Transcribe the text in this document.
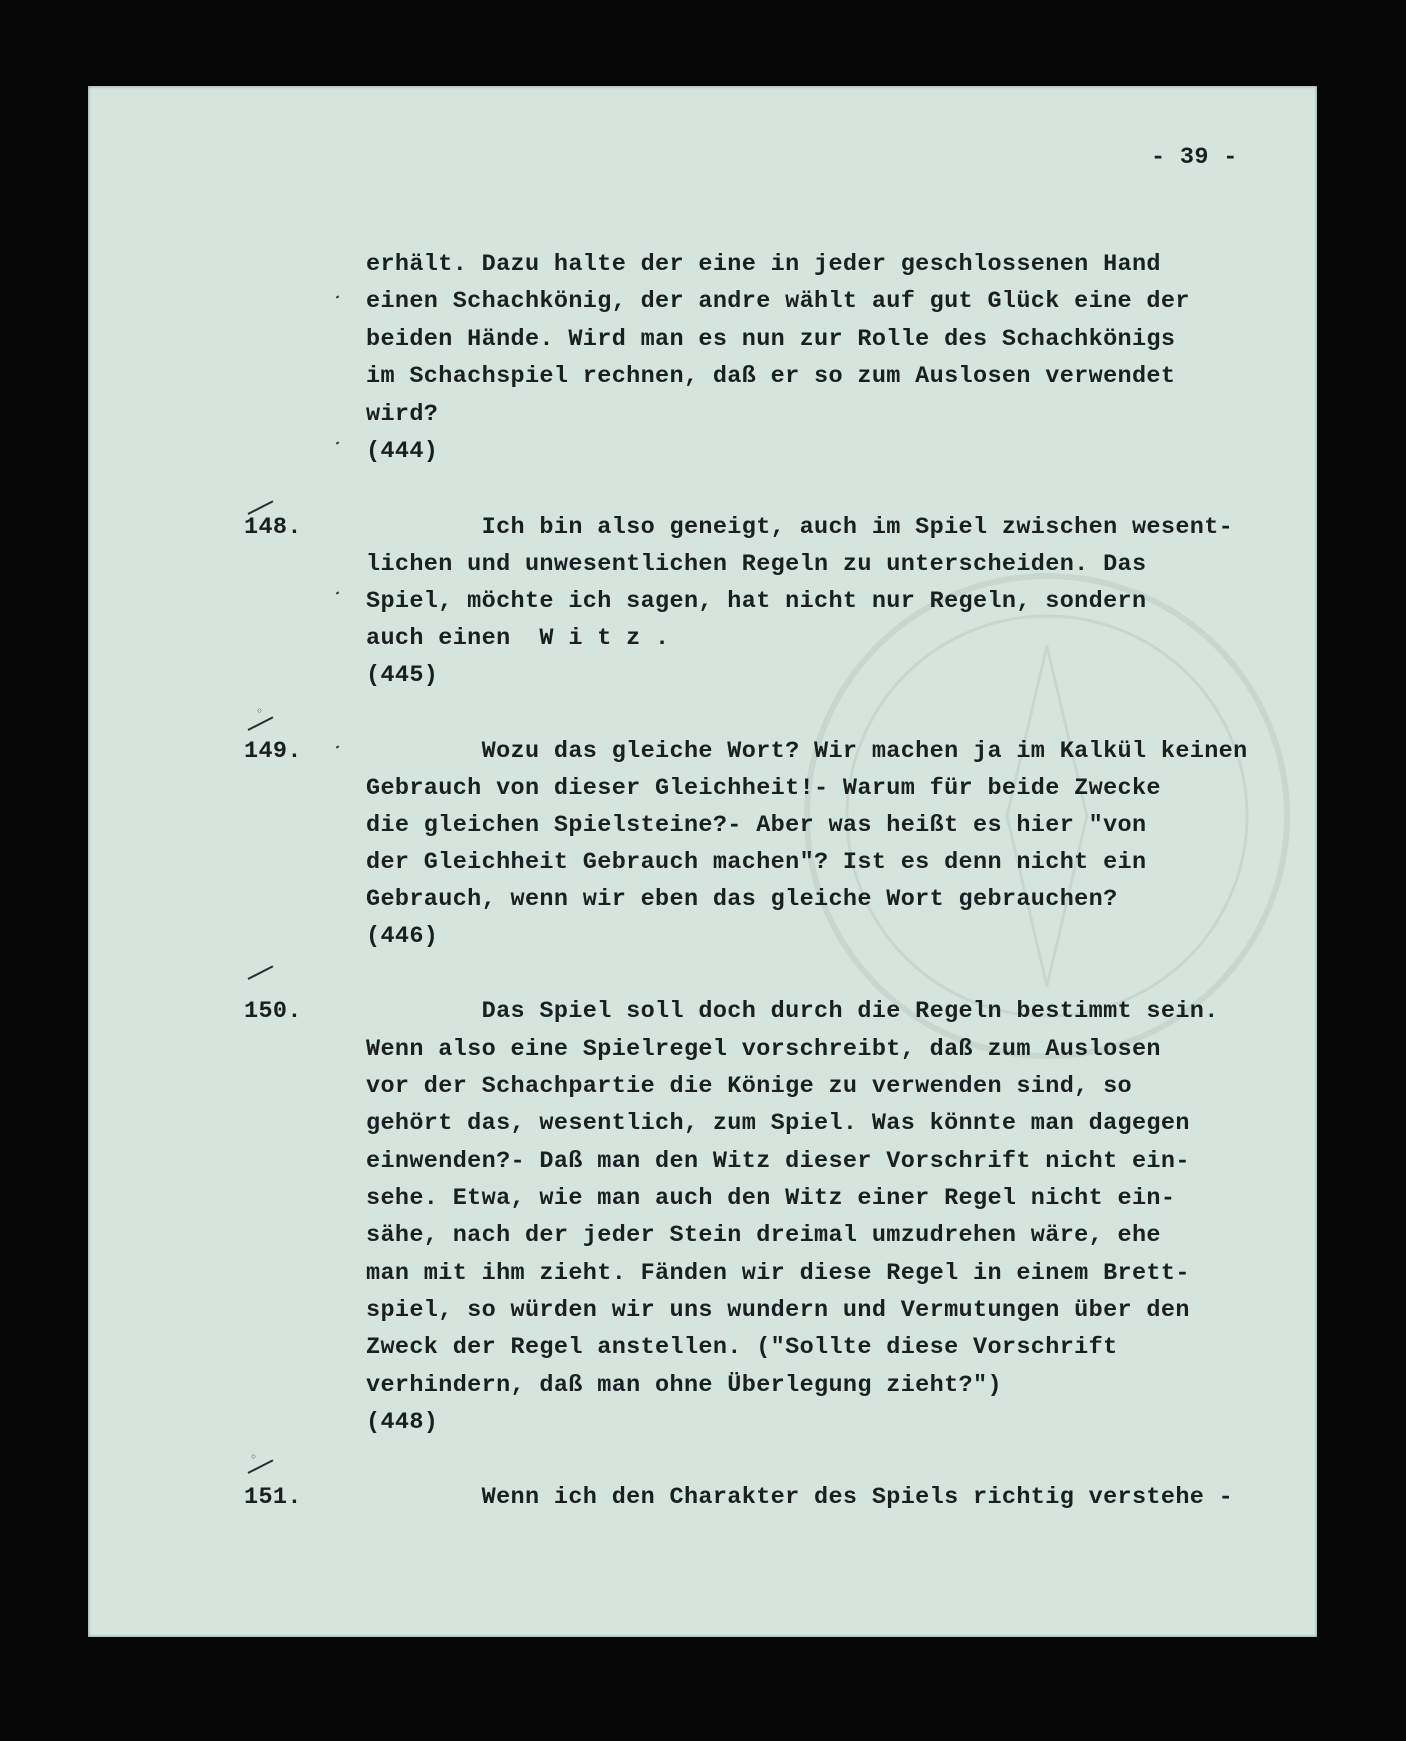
- 39 -
erhält. Dazu halte der eine in jeder geschlossenen Hand
einen Schachkönig, der andre wählt auf gut Glück eine der
beiden Hände. Wird man es nun zur Rolle des Schachkönigs
im Schachspiel rechnen, daß er so zum Auslosen verwendet
wird?
(444)
148.	Ich bin also geneigt, auch im Spiel zwischen wesent-
lichen und unwesentlichen Regeln zu unterscheiden. Das
Spiel, möchte ich sagen, hat nicht nur Regeln, sondern
auch einen  W i t z .
(445)
◦
149.	Wozu das gleiche Wort? Wir machen ja im Kalkül keinen
Gebrauch von dieser Gleichheit!- Warum für beide Zwecke
die gleichen Spielsteine?- Aber was heißt es hier "von
der Gleichheit Gebrauch machen"? Ist es denn nicht ein
Gebrauch, wenn wir eben das gleiche Wort gebrauchen?
(446)
150.	Das Spiel soll doch durch die Regeln bestimmt sein.
Wenn also eine Spielregel vorschreibt, daß zum Auslosen
vor der Schachpartie die Könige zu verwenden sind, so
gehört das, wesentlich, zum Spiel. Was könnte man dagegen
einwenden?- Daß man den Witz dieser Vorschrift nicht ein-
sehe. Etwa, wie man auch den Witz einer Regel nicht ein-
sähe, nach der jeder Stein dreimal umzudrehen wäre, ehe
man mit ihm zieht. Fänden wir diese Regel in einem Brett-
spiel, so würden wir uns wundern und Vermutungen über den
Zweck der Regel anstellen. ("Sollte diese Vorschrift
verhindern, daß man ohne Überlegung zieht?")
(448)
◦
151.	Wenn ich den Charakter des Spiels richtig verstehe -
